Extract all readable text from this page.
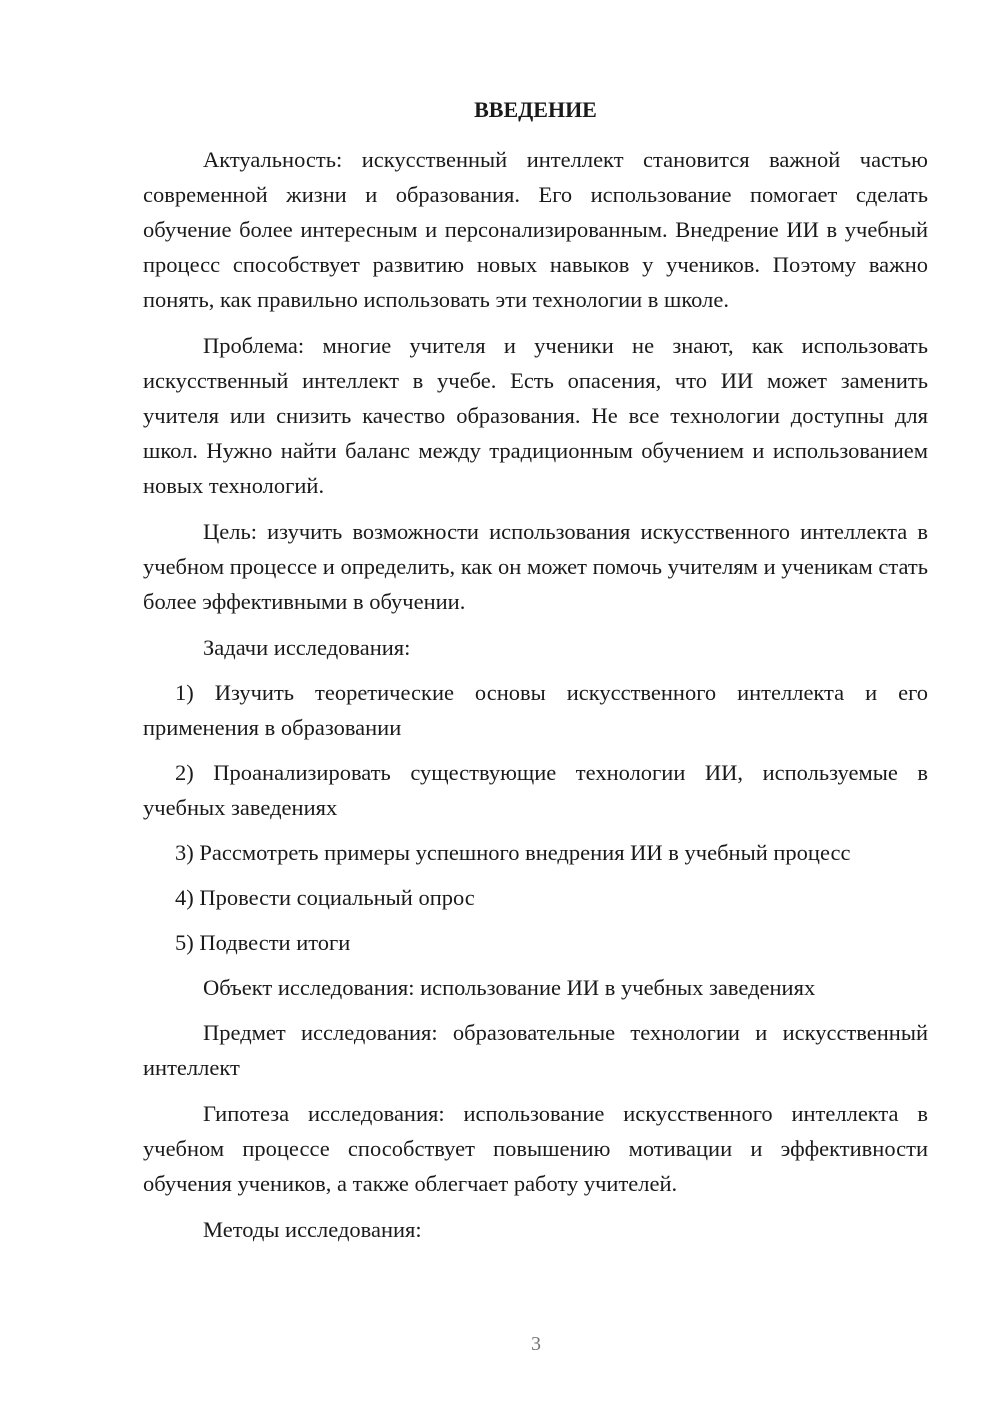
ВВЕДЕНИЕ

Актуальность: искусственный интеллект становится важной частью современной жизни и образования. Его использование помогает сделать обучение более интересным и персонализированным. Внедрение ИИ в учебный процесс способствует развитию новых навыков у учеников. Поэтому важно понять, как правильно использовать эти технологии в школе.

Проблема: многие учителя и ученики не знают, как использовать искусственный интеллект в учебе. Есть опасения, что ИИ может заменить учителя или снизить качество образования. Не все технологии доступны для школ. Нужно найти баланс между традиционным обучением и использованием новых технологий.

Цель: изучить возможности использования искусственного интеллекта в учебном процессе и определить, как он может помочь учителям и ученикам стать более эффективными в обучении.

Задачи исследования:

1) Изучить теоретические основы искусственного интеллекта и его применения в образовании

2) Проанализировать существующие технологии ИИ, используемые в учебных заведениях

3) Рассмотреть примеры успешного внедрения ИИ в учебный процесс

4) Провести социальный опрос

5) Подвести итоги

Объект исследования: использование ИИ в учебных заведениях

Предмет исследования: образовательные технологии и искусственный интеллект

Гипотеза исследования: использование искусственного интеллекта в учебном процессе способствует повышению мотивации и эффективности обучения учеников, а также облегчает работу учителей.

Методы исследования:

3
